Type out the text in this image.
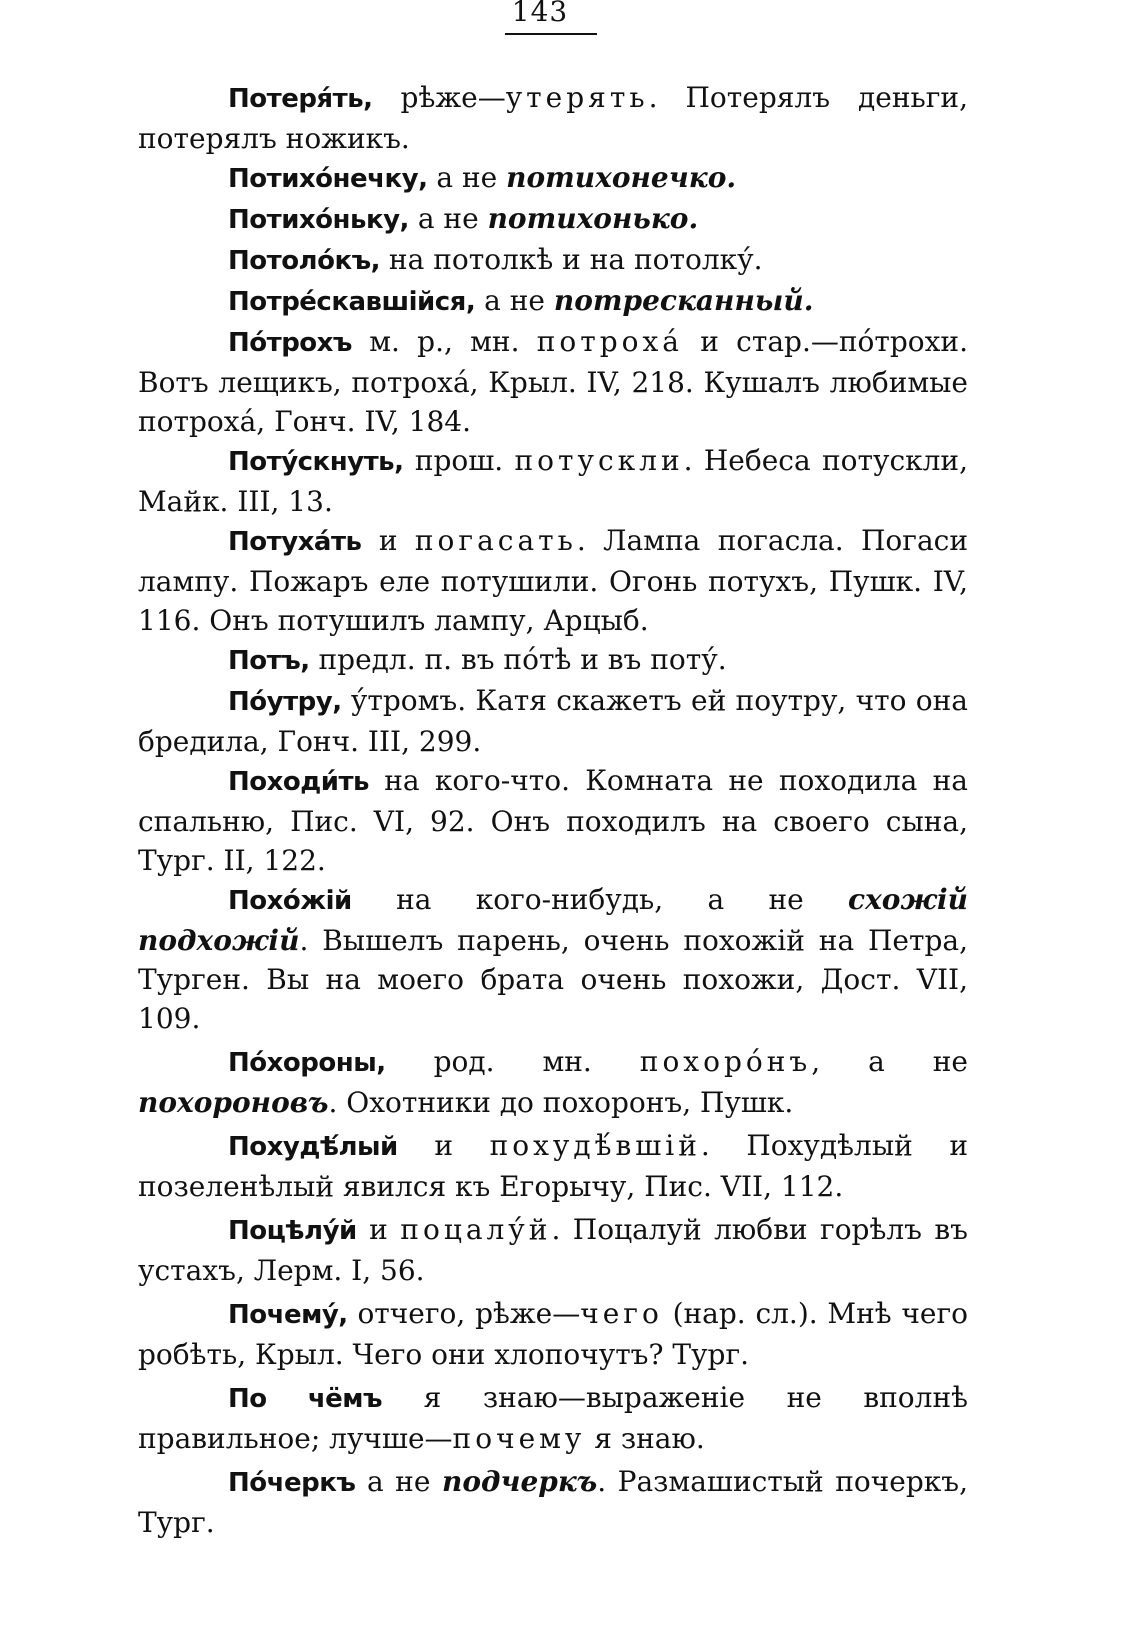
143

Потеря́ть, рѣже—утерять. Потерялъ деньги, потерялъ ножикъ.

Потихо́нечку, а не потихонечко.

Потихо́ньку, а не потихонько.

Потоло́къ, на потолкѣ и на потолку́.

Потре́скавшійся, а не потресканный.

По́трохъ м. р., мн. потроха́ и стар.—по́трохи. Вотъ лещикъ, потроха́, Крыл. IV, 218. Кушалъ любимые потроха́, Гонч. IV, 184.

Поту́скнуть, прош. потускли. Небеса потускли, Майк. III, 13.

Потуха́ть и погасать. Лампа погасла. Погаси лампу. Пожаръ еле потушили. Огонь потухъ, Пушк. IV, 116. Онъ потушилъ лампу, Арцыб.

Потъ, предл. п. въ по́тѣ и въ поту́.

По́утру, у́тромъ. Катя скажетъ ей поутру, что она бредила, Гонч. III, 299.

Походи́ть на кого-что. Комната не походила на спальню, Пис. VI, 92. Онъ походилъ на своего сына, Тург. II, 122.

Похо́жій на кого-нибудь, а не схожій подхожій. Вышелъ парень, очень похожій на Петра, Турген. Вы на моего брата очень похожи, Дост. VII, 109.

По́хороны, род. мн. похоро́нъ, а не похороновъ. Охотники до похоронъ, Пушк.

Похудѣ́лый и похудѣ́вшій. Похудѣлый и позеленѣлый явился къ Егорычу, Пис. VII, 112.

Поцѣлу́й и поцалу́й. Поцалуй любви горѣлъ въ устахъ, Лерм. I, 56.

Почему́, отчего, рѣже—чего (нар. сл.). Мнѣ чего робѣть, Крыл. Чего они хлопочутъ? Тург.

По чёмъ я знаю—выраженіе не вполнѣ правильное; лучше—почему я знаю.

По́черкъ а не подчеркъ. Размашистый почеркъ, Тург.
